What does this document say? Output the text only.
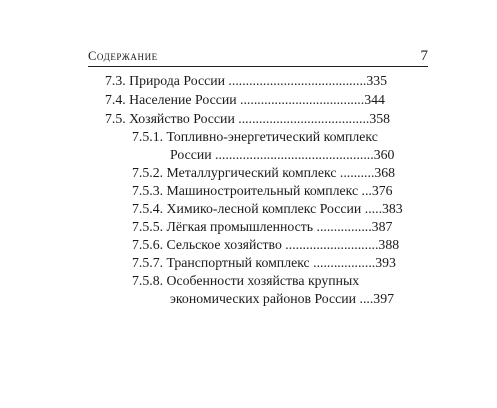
Содержание	7
7.3. Природа России ........................................335
7.4. Население России ....................................344
7.5. Хозяйство России ......................................358
7.5.1. Топливно-энергетический комплекс
России ..............................................360
7.5.2. Металлургический комплекс ..........368
7.5.3. Машиностроительный комплекс ...376
7.5.4. Химико-лесной комплекс России .....383
7.5.5. Лёгкая промышленность ................387
7.5.6. Сельское хозяйство ...........................388
7.5.7. Транспортный комплекс ..................393
7.5.8. Особенности хозяйства крупных
экономических районов России ....397
